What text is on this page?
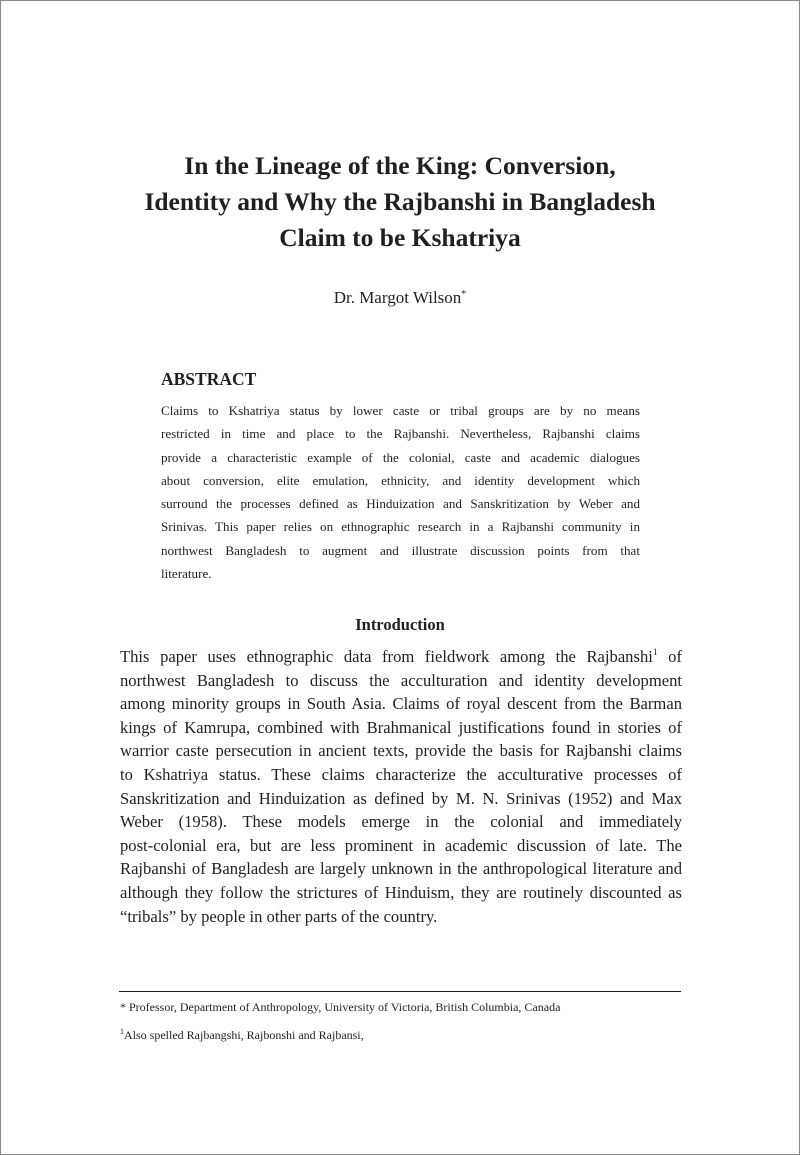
In the Lineage of the King: Conversion,
Identity and Why the Rajbanshi in Bangladesh
Claim to be Kshatriya
Dr. Margot Wilson*
ABSTRACT
Claims to Kshatriya status by lower caste or tribal groups are by no means
restricted in time and place to the Rajbanshi. Nevertheless, Rajbanshi claims
provide a characteristic example of the colonial, caste and academic dialogues
about conversion, elite emulation, ethnicity, and identity development which
surround the processes defined as Hinduization and Sanskritization by Weber and
Srinivas. This paper relies on ethnographic research in a Rajbanshi community in
northwest Bangladesh to augment and illustrate discussion points from that
literature.
Introduction
This paper uses ethnographic data from fieldwork among the Rajbanshi$^1$ of
northwest Bangladesh to discuss the acculturation and identity development
among minority groups in South Asia. Claims of royal descent from the Barman
kings of Kamrupa, combined with Brahmanical justifications found in stories of
warrior caste persecution in ancient texts, provide the basis for Rajbanshi claims
to Kshatriya status. These claims characterize the acculturative processes of
Sanskritization and Hinduization as defined by M. N. Srinivas (1952) and Max
Weber (1958). These models emerge in the colonial and immediately
post-colonial era, but are less prominent in academic discussion of late. The
Rajbanshi of Bangladesh are largely unknown in the anthropological literature and
although they follow the strictures of Hinduism, they are routinely discounted as
“tribals” by people in other parts of the country.
* Professor, Department of Anthropology, University of Victoria, British Columbia, Canada
$^1$Also spelled Rajbangshi, Rajbonshi and Rajbansi,
